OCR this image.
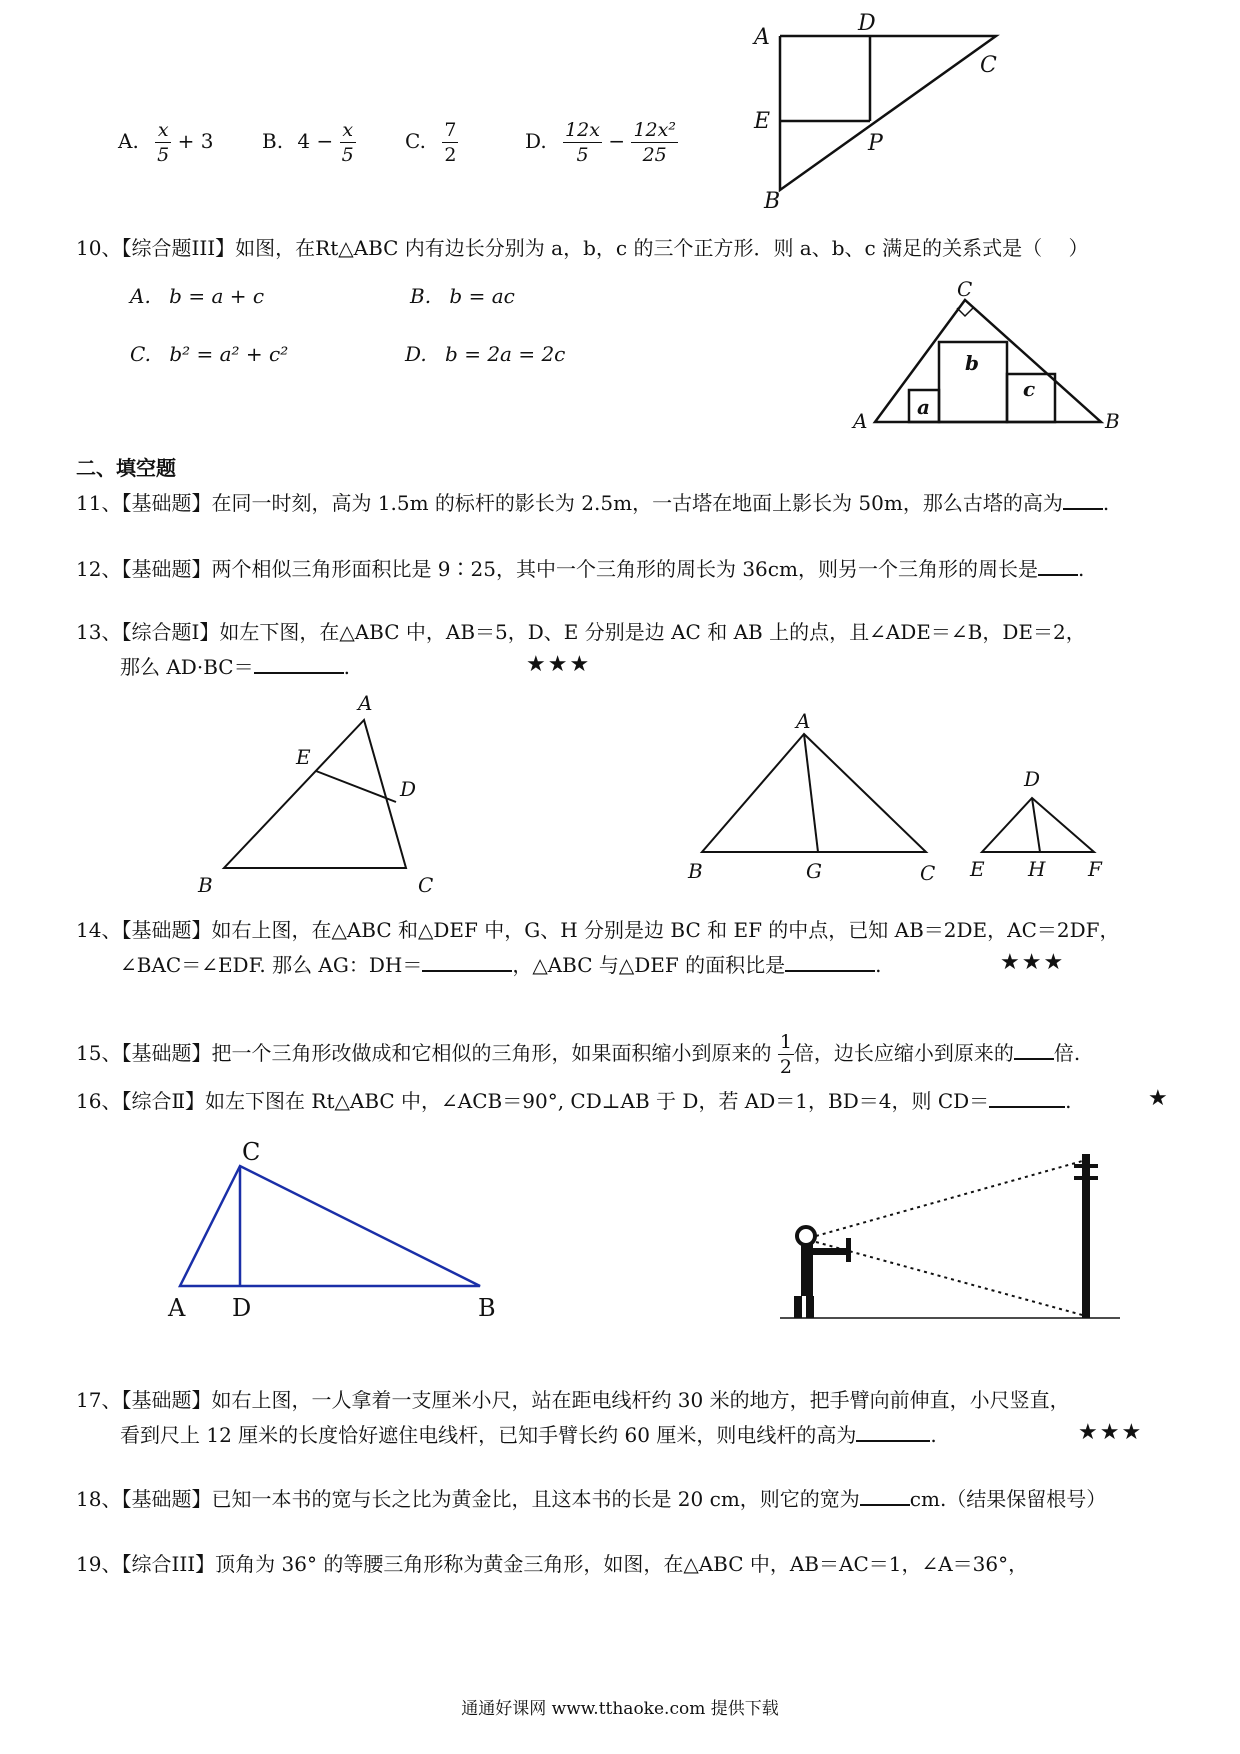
A. $\frac{x}{5} + 3$ B. $4 - \frac{x}{5} C$. $\frac{7}{2}$	D. $\frac{12x}{5} - \frac{\text{12x²}}{25}$
A
D
C
E
P
B
10、【综合题III】如图，在Rt△ABC 内有边长分别为 a，b，c 的三个正方形．则 a、b、c 满足的关系式是（　 ）
A. b = a + c	B. b = ac
C. b² = a² + c²	D. b = 2a = 2c
A	B
C
a
b
c
二、填空题
11、【基础题】在同一时刻，高为 1.5m 的标杆的影长为 2.5m，一古塔在地面上影长为 50m，那么古塔的高为 .
12、【基础题】两个相似三角形面积比是 9∶25，其中一个三角形的周长为 36cm，则另一个三角形的周长是 .
13、【综合题Ⅰ】如左下图，在△ABC 中，AB＝5，D、E 分别是边 AC 和 AB 上的点，且∠ADE＝∠B，DE＝2，
那么 AD·BC＝	.	★★★
A
E
D
B	C
A
B	G	C
D
E H F
14、【基础题】如右上图，在△ABC 和△DEF 中，G、H 分别是边 BC 和 EF 的中点，已知 AB＝2DE，AC＝2DF，
∠BAC＝∠EDF. 那么 AG：DH＝	，△ABC 与△DEF 的面积比是	.	★★★
15、【基础题】把一个三角形改做成和它相似的三角形，如果面积缩小到原来的 $\frac{1}{2}$ 倍，边长应缩小到原来的 倍.
16、【综合Ⅱ】如左下图在 Rt△ABC 中，∠ACB＝90°, CD⊥AB 于 D，若 AD＝1，BD＝4，则 CD＝	.	★
C
A D	B
17、【基础题】如右上图，一人拿着一支厘米小尺，站在距电线杆约 30 米的地方，把手臂向前伸直，小尺竖直，
看到尺上 12 厘米的长度恰好遮住电线杆，已知手臂长约 60 厘米，则电线杆的高为	.	★★★
18、【基础题】已知一本书的宽与长之比为黄金比，且这本书的长是 20 cm，则它的宽为	cm.（结果保留根号）
19、【综合III】顶角为 36° 的等腰三角形称为黄金三角形，如图，在△ABC 中，AB＝AC＝1，∠A＝36°，
通通好课网 www.tthaoke.com 提供下载
